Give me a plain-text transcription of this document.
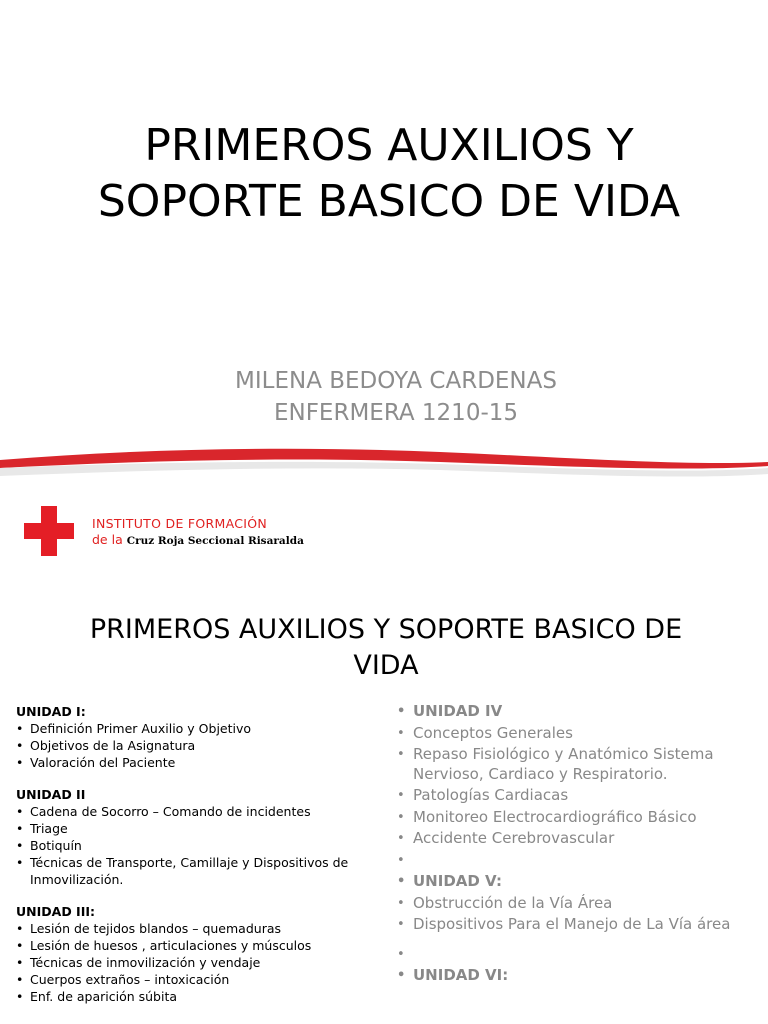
PRIMEROS AUXILIOS Y
SOPORTE BASICO DE VIDA
MILENA BEDOYA CARDENAS
ENFERMERA 1210-15
INSTITUTO DE FORMACIÓN
de la Cruz Roja Seccional Risaralda
PRIMEROS AUXILIOS Y SOPORTE BASICO DE
VIDA

UNIDAD I:

• Definición Primer Auxilio y Objetivo
• Objetivos de la Asignatura
• Valoración del Paciente

UNIDAD II

• Cadena de Socorro – Comando de incidentes
• Triage
• Botiquín
• Técnicas de Transporte, Camillaje y Dispositivos de Inmovilización.

UNIDAD III:

• Lesión de tejidos blandos – quemaduras
• Lesión de huesos , articulaciones y músculos
• Técnicas de inmovilización y vendaje
• Cuerpos extraños – intoxicación
• Enf. de aparición súbita
• UNIDAD IV
• Conceptos Generales
• Repaso Fisiológico y Anatómico Sistema Nervioso, Cardiaco y Respiratorio.
• Patologías Cardiacas
• Monitoreo Electrocardiográfico Básico
• Accidente Cerebrovascular
•
• UNIDAD V:
• Obstrucción de la Vía Área
• Dispositivos Para el Manejo de La Vía área
•
• UNIDAD VI:
